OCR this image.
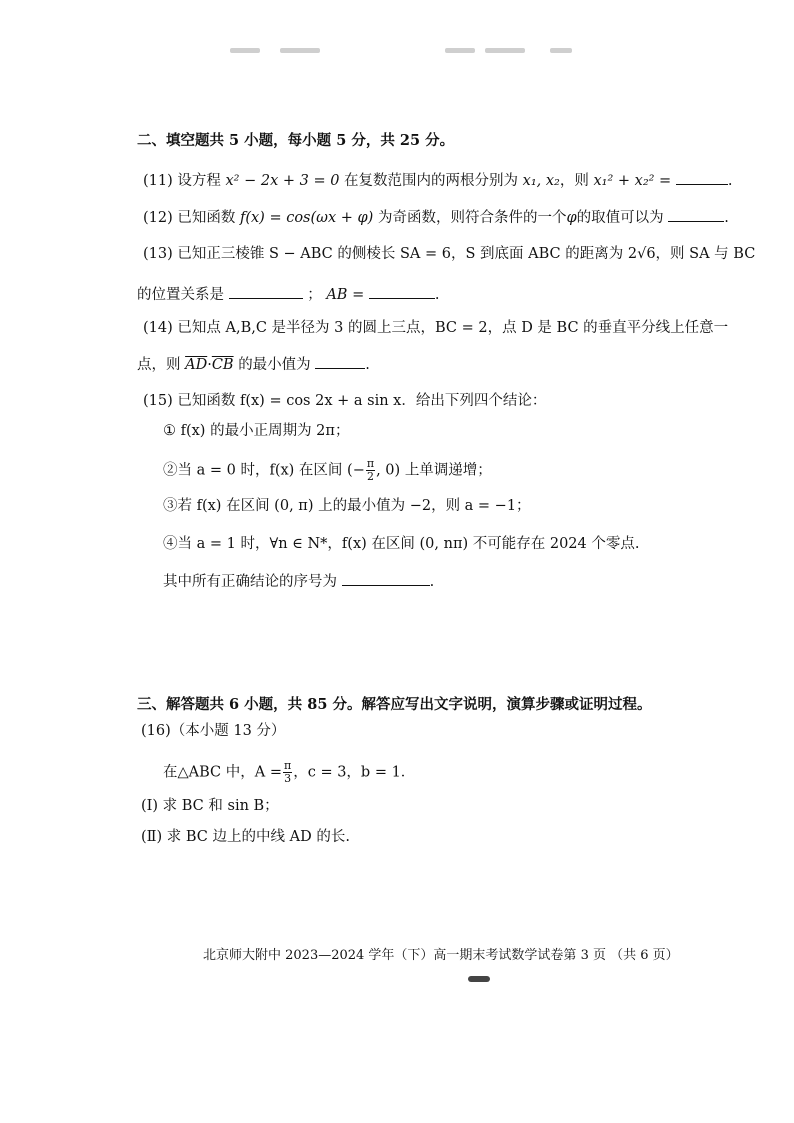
二、填空题共 5 小题，每小题 5 分，共 25 分。
(11) 设方程 x² − 2x + 3 = 0 在复数范围内的两根分别为 x₁, x₂，则 x₁² + x₂² =	.
(12) 已知函数 f(x) = cos(ωx + φ) 为奇函数，则符合条件的一个φ的取值可以为	.
(13) 已知正三棱锥 S − ABC 的侧棱长 SA = 6，S 到底面 ABC 的距离为 2√6，则 SA 与 BC
的位置关系是	； AB =	.
(14) 已知点 A,B,C 是半径为 3 的圆上三点，BC = 2，点 D 是 BC 的垂直平分线上任意一
点，则 $\overline{AD}\cdot\overline{CB}$ 的最小值为	.
(15) 已知函数 f(x) = cos 2x + a sin x．给出下列四个结论：
① f(x) 的最小正周期为 2π；
②当 a = 0 时，f(x) 在区间 (− $\frac{\pi}{2}$ , 0) 上单调递增；
③若 f(x) 在区间 (0, π) 上的最小值为 −2，则 a = −1；
④当 a = 1 时，∀n ∈ N*，f(x) 在区间 (0, nπ) 不可能存在 2024 个零点.
其中所有正确结论的序号为	.
三、解答题共 6 小题，共 85 分。解答应写出文字说明，演算步骤或证明过程。
(16)（本小题 13 分）
在△ABC 中，$A = \frac{\pi}{3}$ ，c = 3，b = 1．
(Ⅰ) 求 BC 和 sin B；
(Ⅱ) 求 BC 边上的中线 AD 的长.
北京师大附中 2023—2024 学年（下）高一期末考试数学试卷第 3 页 （共 6 页）
